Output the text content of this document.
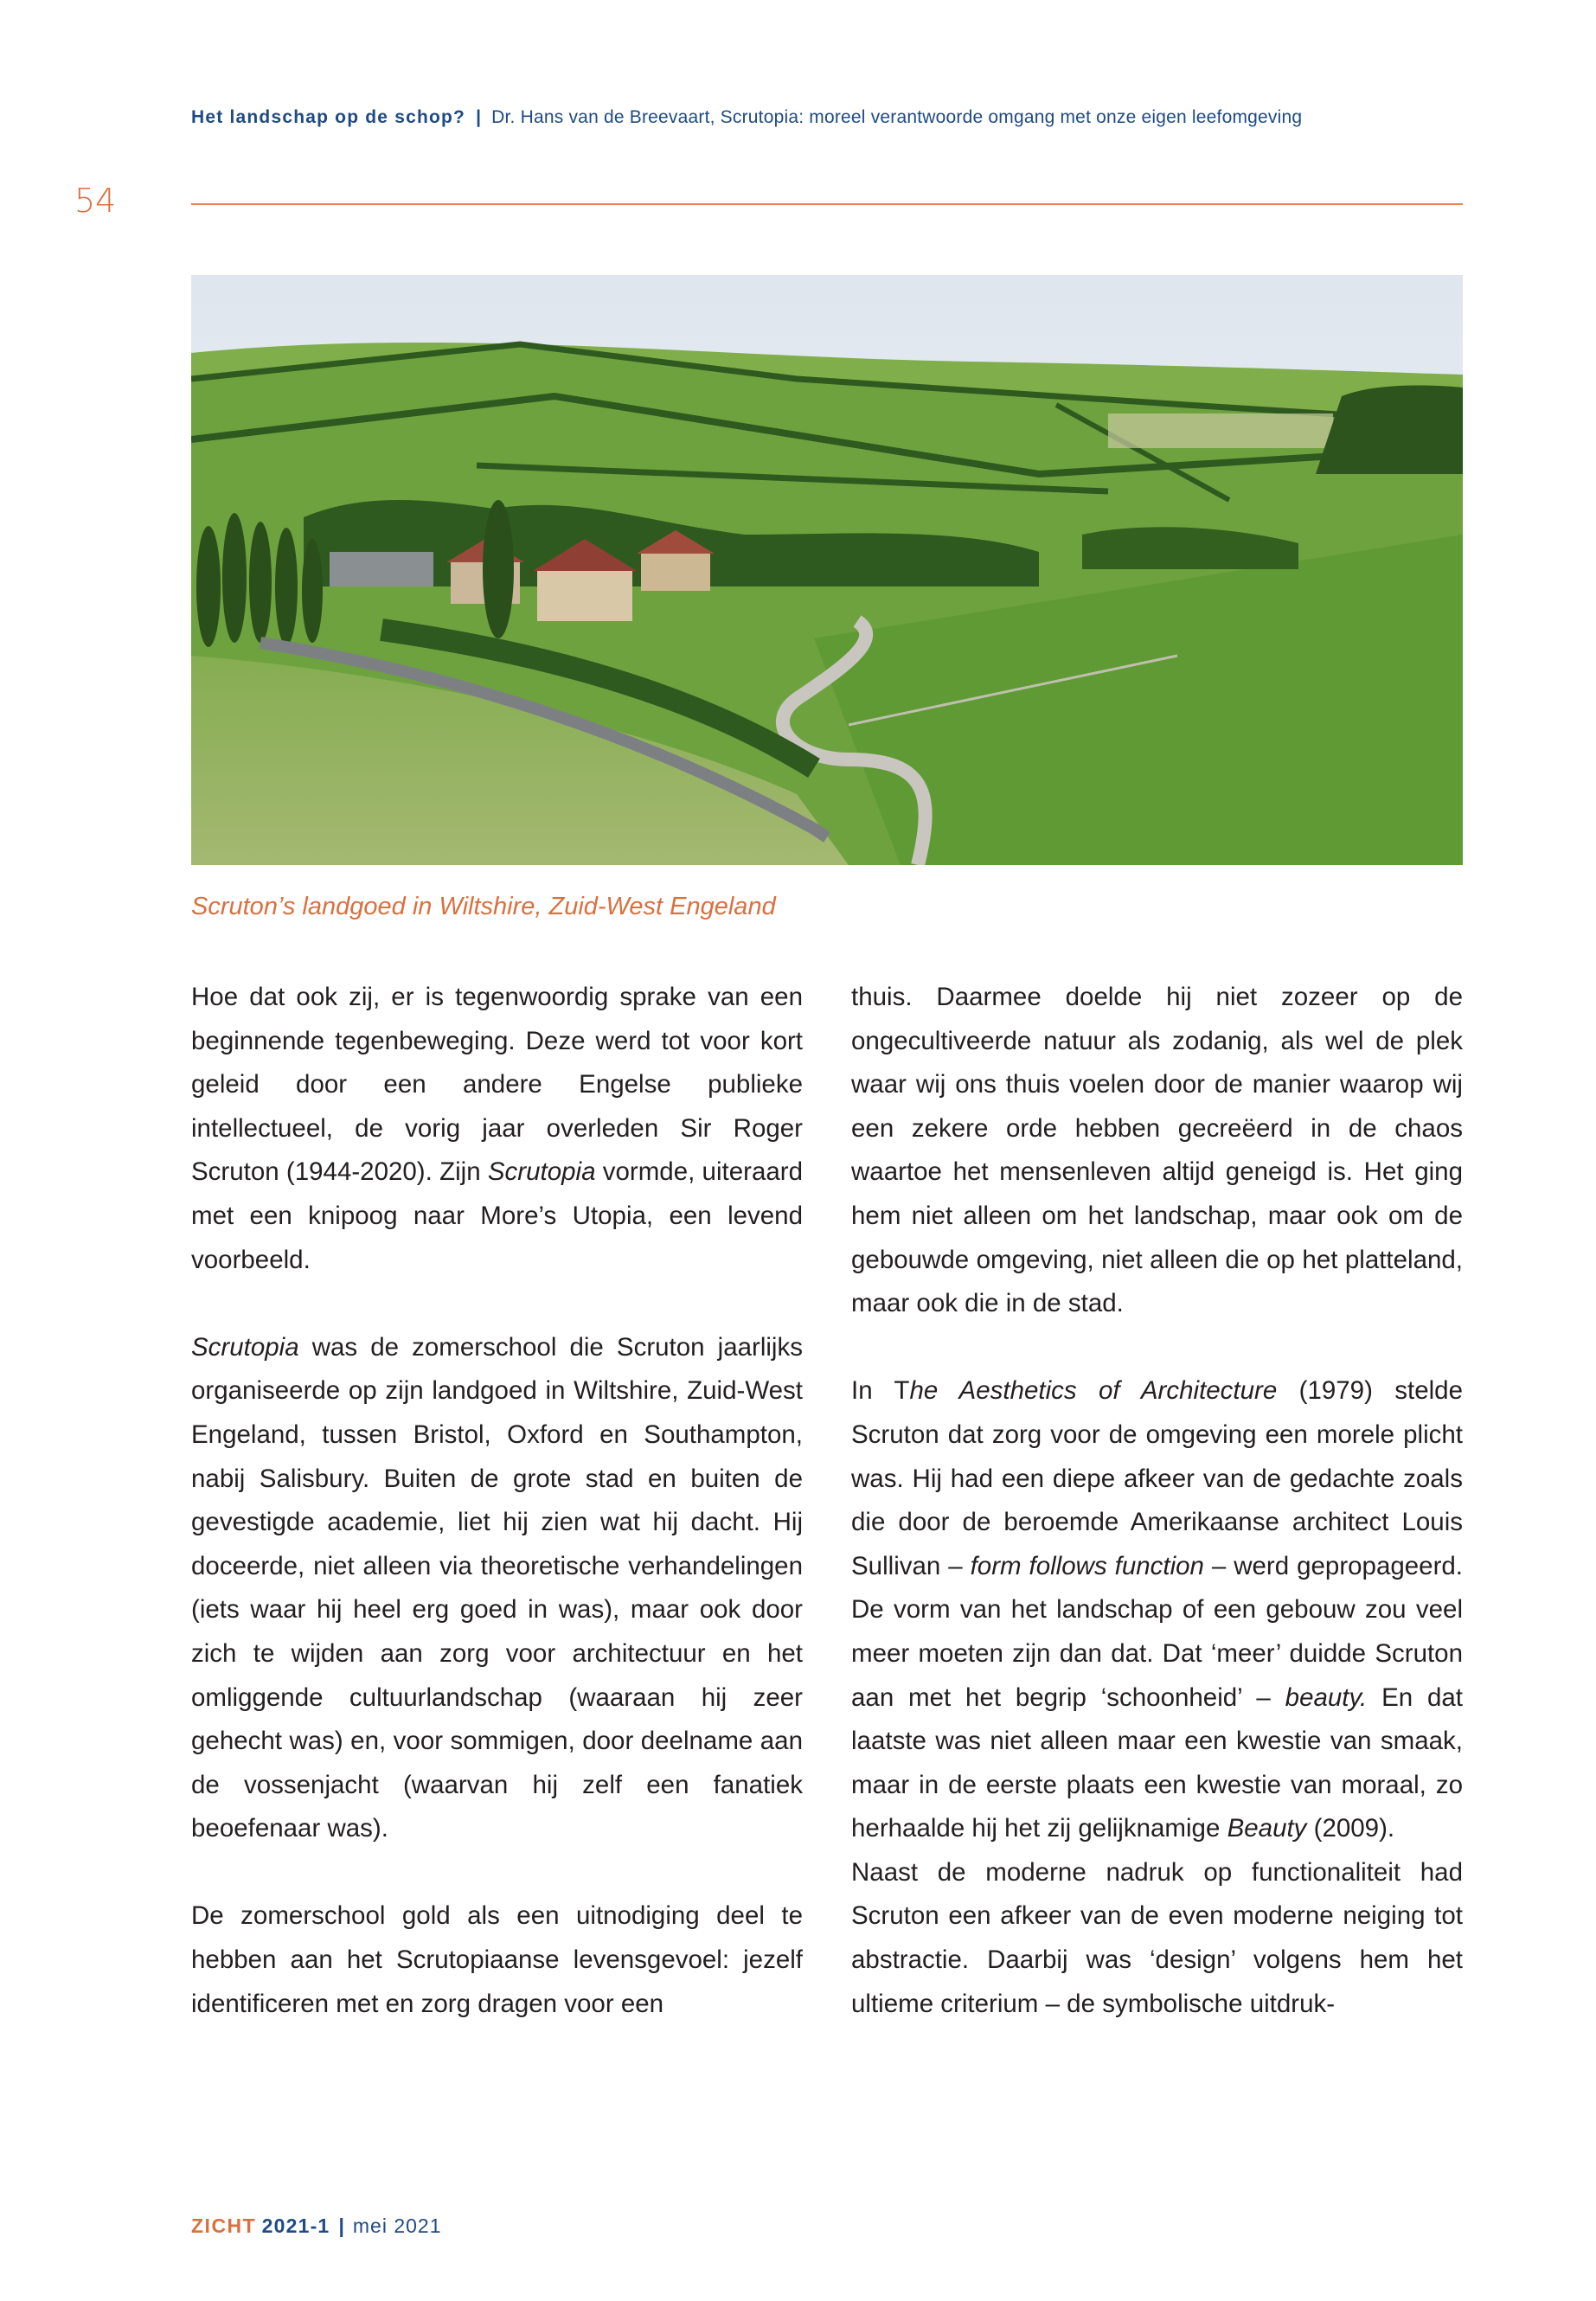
Het landschap op de schop? | Dr. Hans van de Breevaart, Scrutopia: moreel verantwoorde omgang met onze eigen leefomgeving
54
Scruton’s landgoed in Wiltshire, Zuid-West Engeland

Hoe dat ook zij, er is tegenwoordig sprake van een beginnende tegenbeweging. Deze werd tot voor kort geleid door een andere Engelse publieke intellectueel, de vorig jaar overleden Sir Roger Scruton (1944-2020). Zijn Scrutopia vormde, uiteraard met een knipoog naar More’s Utopia, een levend voorbeeld.

Scrutopia was de zomerschool die Scruton jaarlijks organiseerde op zijn landgoed in Wiltshire, Zuid-West Engeland, tussen Bristol, Oxford en Southampton, nabij Salisbury. Buiten de grote stad en buiten de gevestigde academie, liet hij zien wat hij dacht. Hij doceerde, niet alleen via theoretische verhandelingen (iets waar hij heel erg goed in was), maar ook door zich te wijden aan zorg voor architectuur en het omliggende cultuurlandschap (waaraan hij zeer gehecht was) en, voor sommigen, door deelname aan de vossenjacht (waarvan hij zelf een fanatiek beoefenaar was).

De zomerschool gold als een uitnodiging deel te hebben aan het Scrutopiaanse levensgevoel: jezelf identificeren met en zorg dragen voor een

thuis. Daarmee doelde hij niet zozeer op de ongecultiveerde natuur als zodanig, als wel de plek waar wij ons thuis voelen door de manier waarop wij een zekere orde hebben gecreëerd in de chaos waartoe het mensenleven altijd geneigd is. Het ging hem niet alleen om het landschap, maar ook om de gebouwde omgeving, niet alleen die op het platteland, maar ook die in de stad.

In The Aesthetics of Architecture (1979) stelde Scruton dat zorg voor de omgeving een morele plicht was. Hij had een diepe afkeer van de gedachte zoals die door de beroemde Amerikaanse architect Louis Sullivan – form follows function – werd gepropageerd. De vorm van het landschap of een gebouw zou veel meer moeten zijn dan dat. Dat ‘meer’ duidde Scruton aan met het begrip ‘schoonheid’ – beauty. En dat laatste was niet alleen maar een kwestie van smaak, maar in de eerste plaats een kwestie van moraal, zo herhaalde hij het zij gelijknamige Beauty (2009).

Naast de moderne nadruk op functionaliteit had Scruton een afkeer van de even moderne neiging tot abstractie. Daarbij was ‘design’ volgens hem het ultieme criterium – de symbolische uitdruk-

ZICHT 2021-1 | mei 2021
